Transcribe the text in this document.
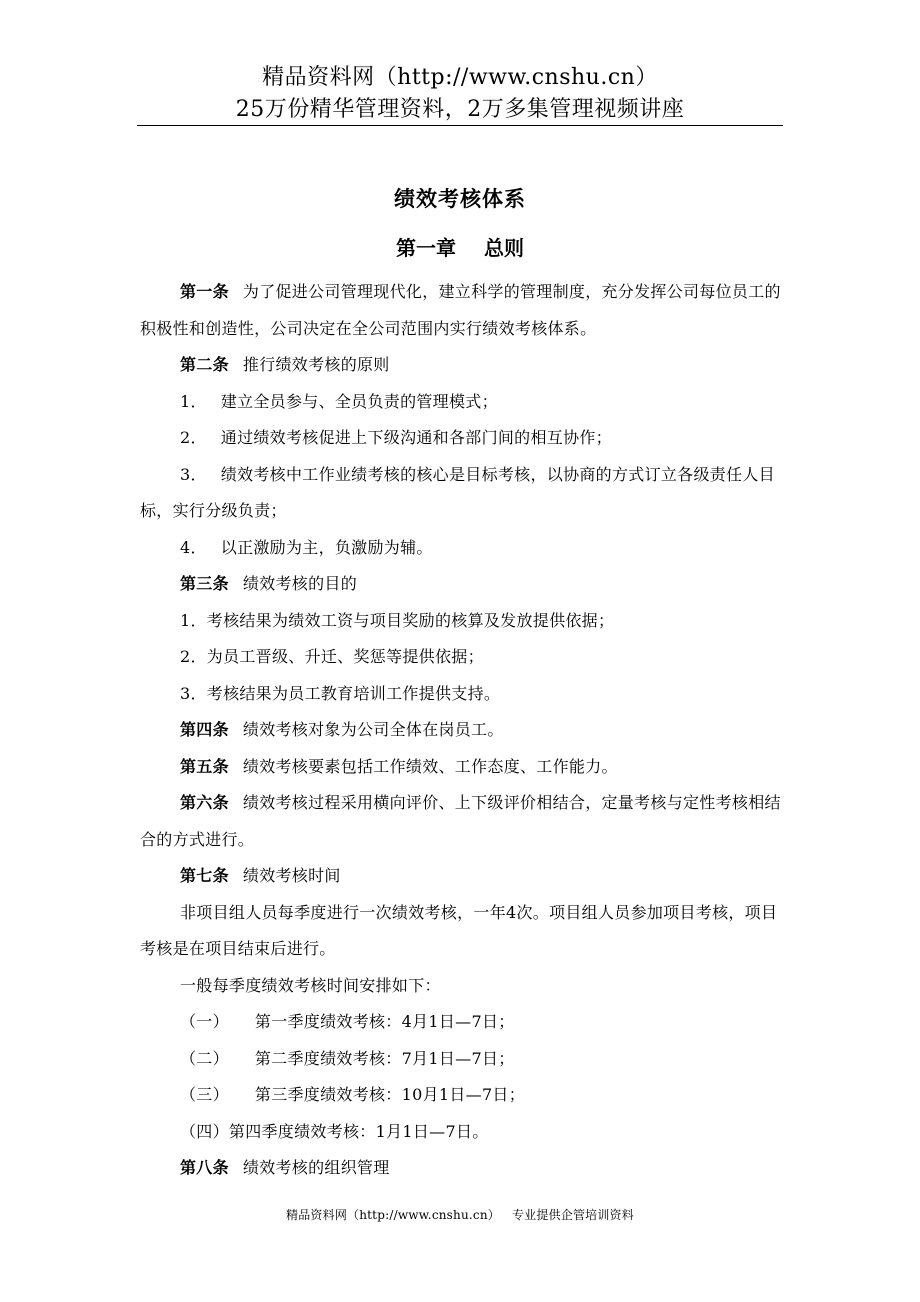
精品资料网（http://www.cnshu.cn）
25万份精华管理资料，2万多集管理视频讲座
绩效考核体系
第一章 总则

第一条 为了促进公司管理现代化，建立科学的管理制度，充分发挥公司每位员工的积极性和创造性，公司决定在全公司范围内实行绩效考核体系。

第二条 推行绩效考核的原则

1． 建立全员参与、全员负责的管理模式；

2． 通过绩效考核促进上下级沟通和各部门间的相互协作；

3． 绩效考核中工作业绩考核的核心是目标考核，以协商的方式订立各级责任人目标，实行分级负责；

4． 以正激励为主，负激励为辅。

第三条 绩效考核的目的

1．考核结果为绩效工资与项目奖励的核算及发放提供依据；

2．为员工晋级、升迁、奖惩等提供依据；

3．考核结果为员工教育培训工作提供支持。

第四条 绩效考核对象为公司全体在岗员工。

第五条 绩效考核要素包括工作绩效、工作态度、工作能力。

第六条 绩效考核过程采用横向评价、上下级评价相结合，定量考核与定性考核相结合的方式进行。

第七条 绩效考核时间

非项目组人员每季度进行一次绩效考核，一年4次。项目组人员参加项目考核，项目考核是在项目结束后进行。

一般每季度绩效考核时间安排如下：

（一） 第一季度绩效考核：4月1日—7日；

（二） 第二季度绩效考核：7月1日—7日；

（三） 第三季度绩效考核：10月1日—7日；

（四）第四季度绩效考核：1月1日—7日。

第八条 绩效考核的组织管理

精品资料网（http://www.cnshu.cn） 专业提供企管培训资料
